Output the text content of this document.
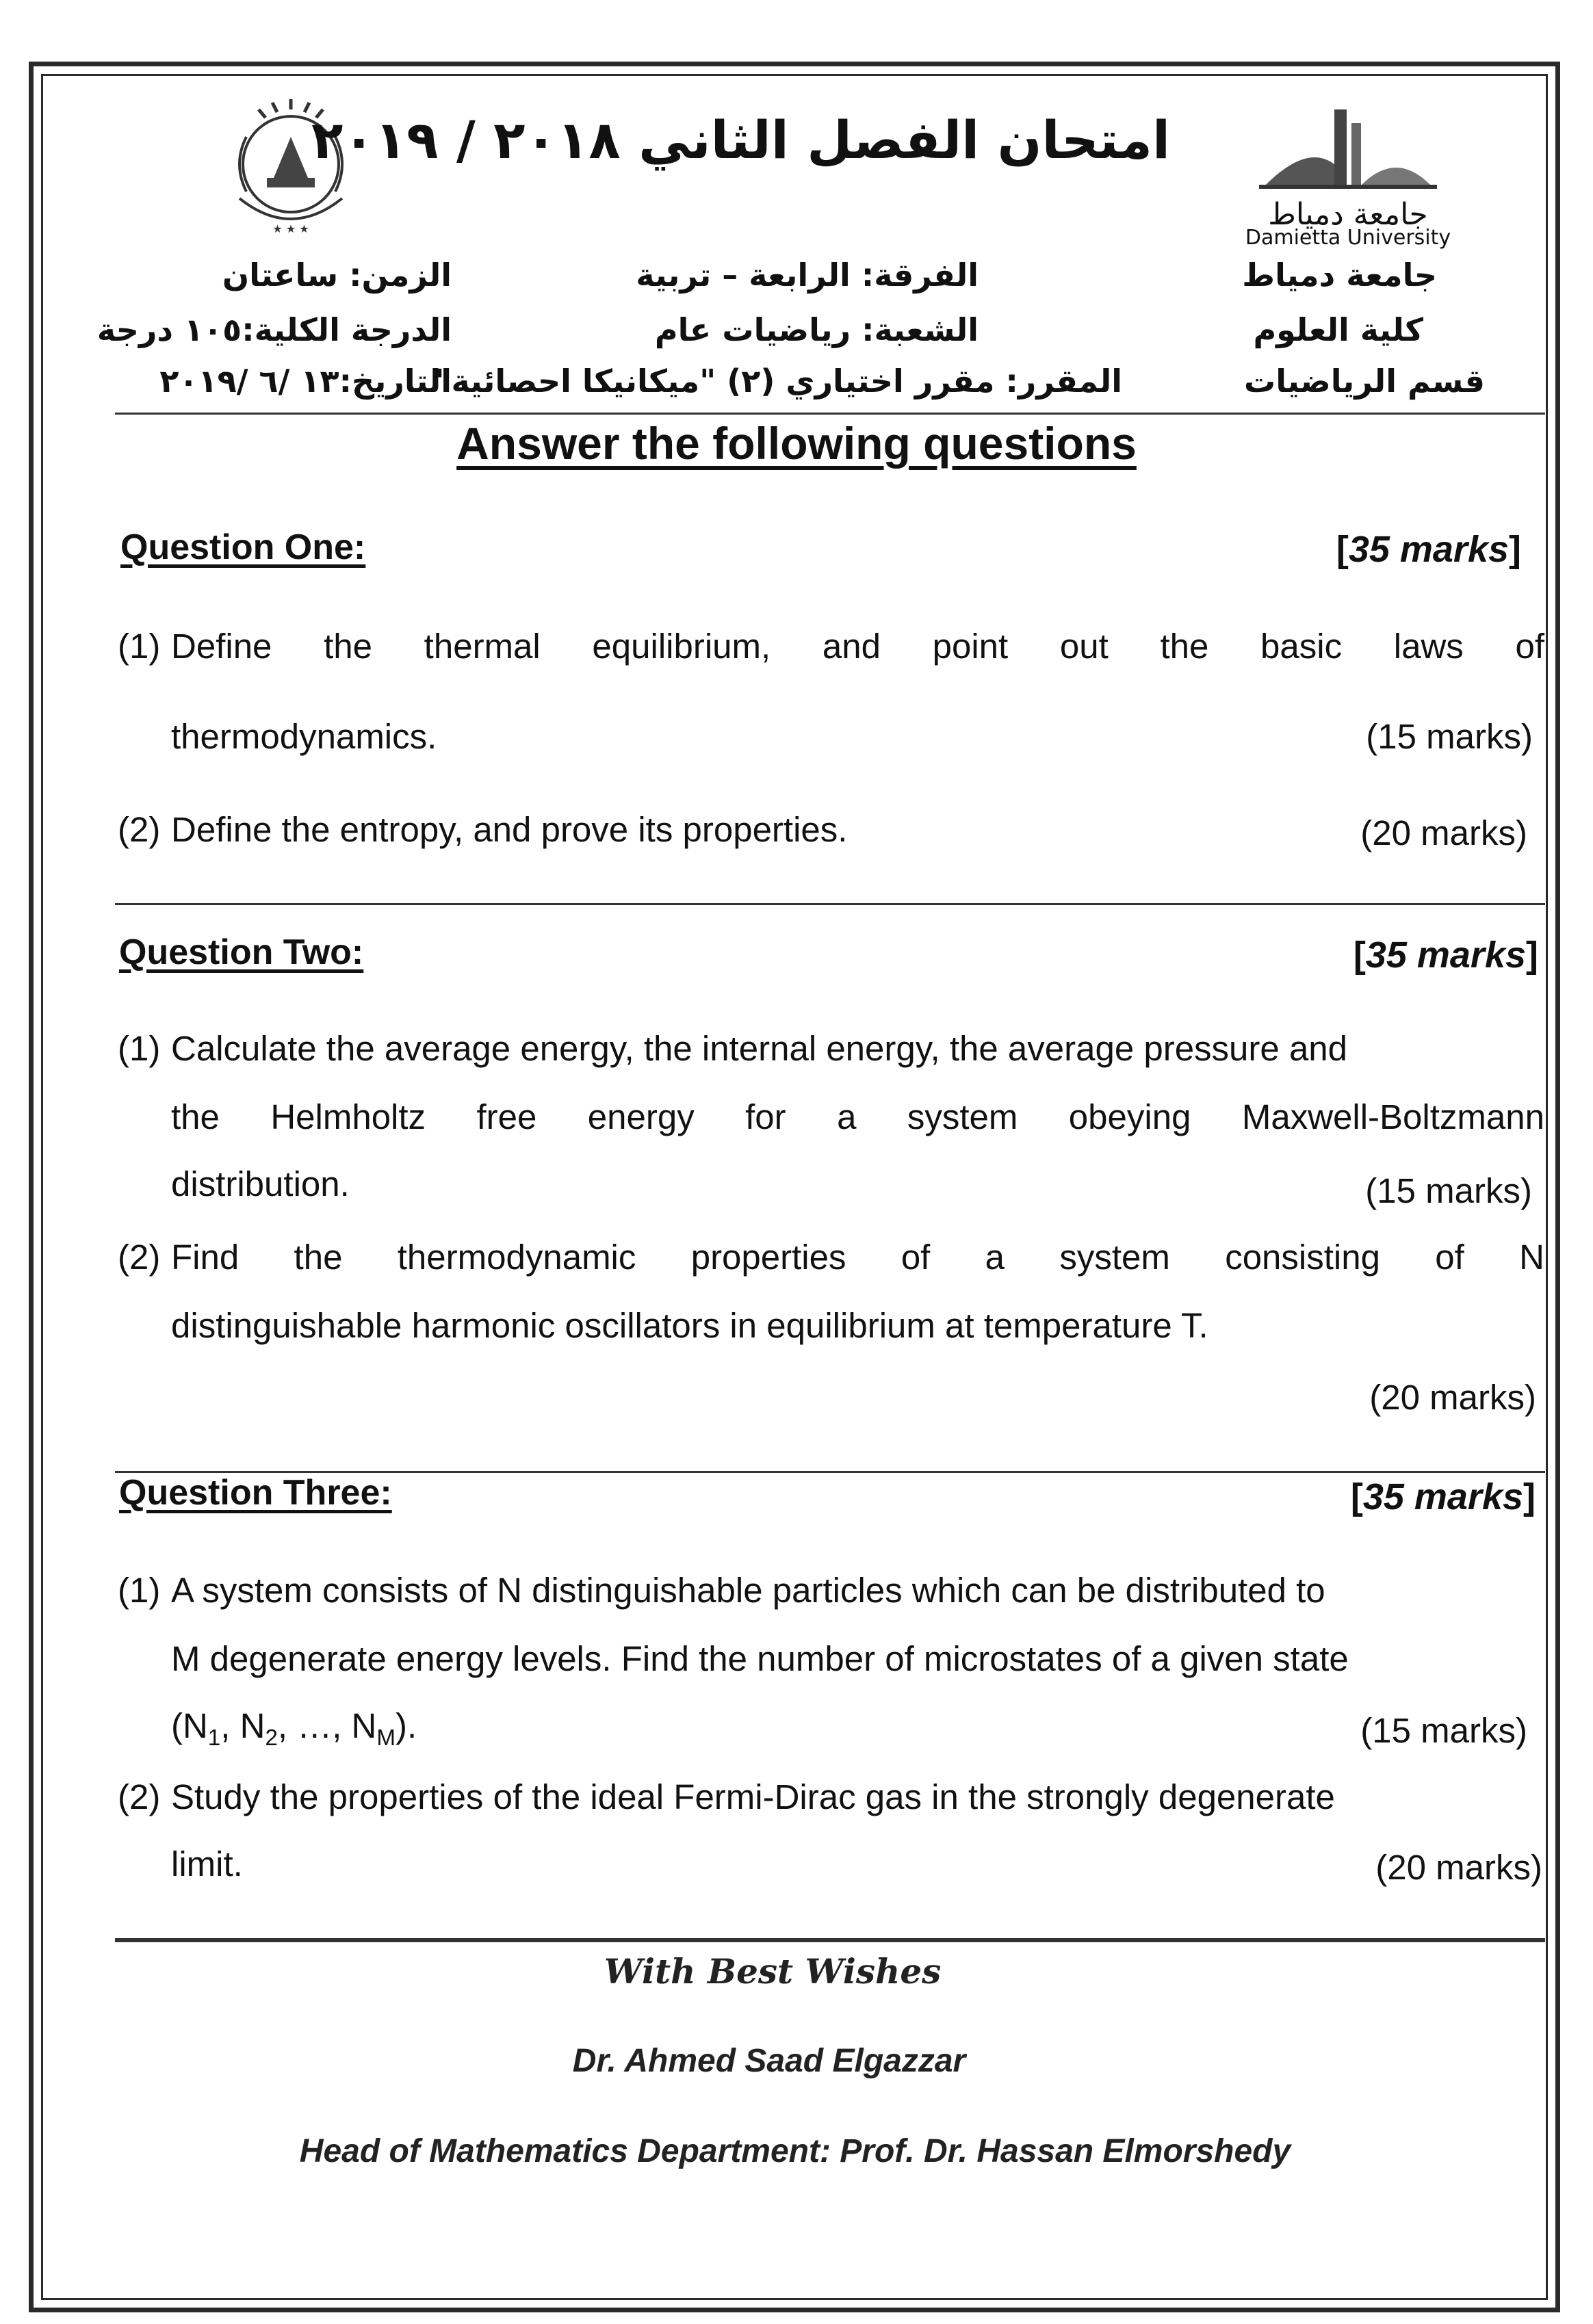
★ ★ ★	جامعة دمياط
Damietta University
امتحان الفصل الثاني ٢٠١٨ / ٢٠١٩
جامعة دمياط
كلية العلوم
قسم الرياضيات
الفرقة: الرابعة – تربية
الشعبة: رياضيات عام
المقرر: مقرر اختياري (٢) "ميكانيكا احصائية"
الزمن: ساعتان
الدرجة الكلية:١٠٥ درجة
التاريخ:١٣ /٦ /٢٠١٩
Answer the following questions
Question One:	[35 marks]
(1) Define the thermal equilibrium, and point out the basic laws of
thermodynamics.	(15 marks)
(2) Define the entropy, and prove its properties.	(20 marks)
Question Two:	[35 marks]
(1) Calculate the average energy, the internal energy, the average pressure and
the Helmholtz free energy for a system obeying Maxwell-Boltzmann
distribution.	(15 marks)
(2) Find the thermodynamic properties of a system consisting of N
distinguishable harmonic oscillators in equilibrium at temperature T.
(20 marks)
Question Three:	[35 marks]
(1) A system consists of N distinguishable particles which can be distributed to
M degenerate energy levels. Find the number of microstates of a given state
($N_1$, $N_2$, …, $N_M$).	(15 marks)
(2) Study the properties of the ideal Fermi-Dirac gas in the strongly degenerate
limit.	(20 marks)
With Best Wishes
Dr. Ahmed Saad Elgazzar
Head of Mathematics Department: Prof. Dr. Hassan Elmorshedy
